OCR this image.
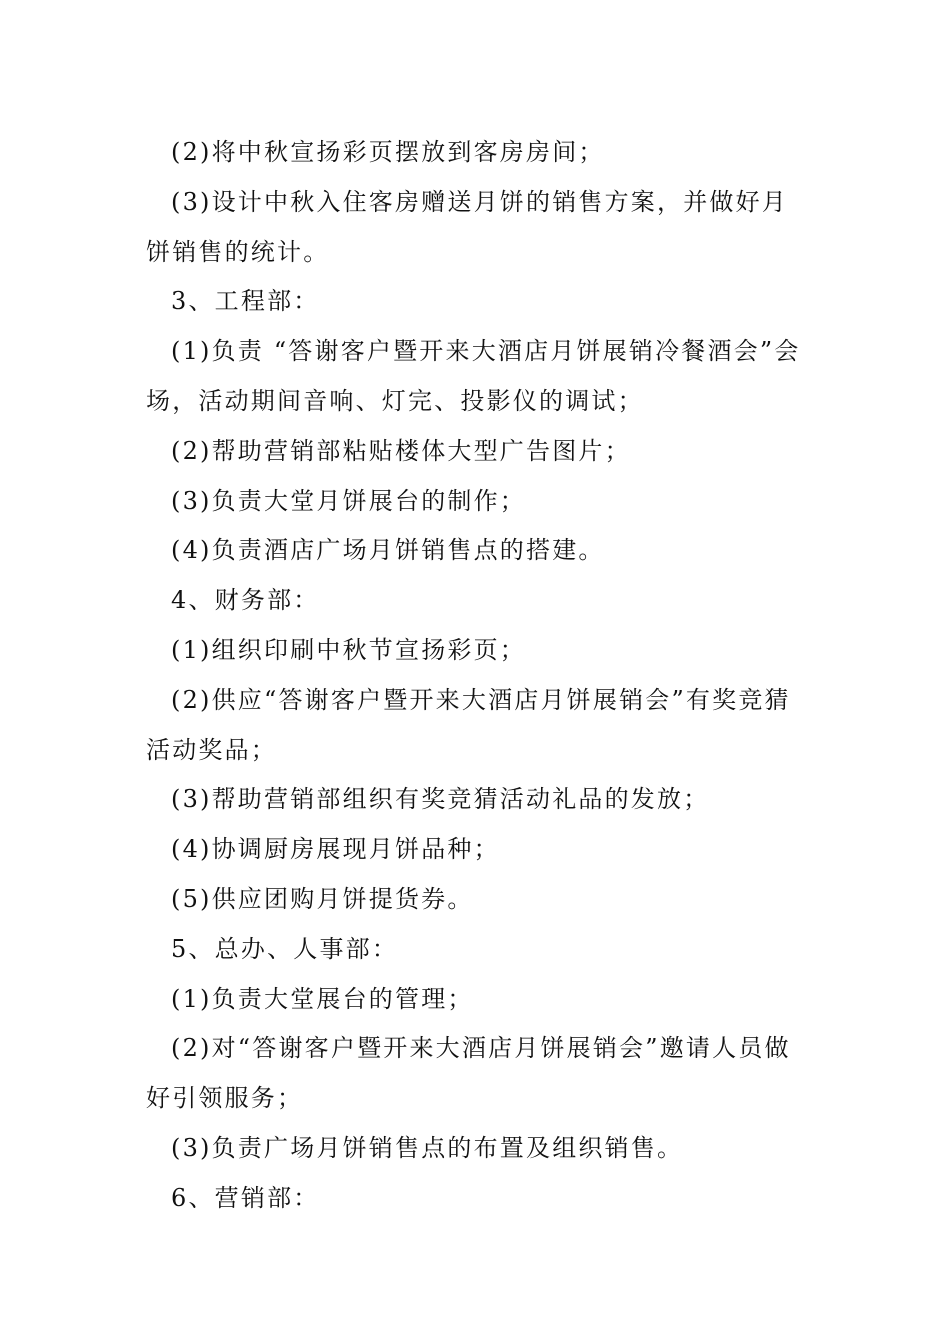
(2)将中秋宣扬彩页摆放到客房房间；

(3)设计中秋入住客房赠送月饼的销售方案，并做好月饼销售的统计。

3、工程部：

(1)负责 “答谢客户暨开来大酒店月饼展销冷餐酒会”会场，活动期间音响、灯完、投影仪的调试；

(2)帮助营销部粘贴楼体大型广告图片；

(3)负责大堂月饼展台的制作；

(4)负责酒店广场月饼销售点的搭建。

4、财务部：

(1)组织印刷中秋节宣扬彩页；

(2)供应“答谢客户暨开来大酒店月饼展销会”有奖竞猜活动奖品；

(3)帮助营销部组织有奖竞猜活动礼品的发放；

(4)协调厨房展现月饼品种；

(5)供应团购月饼提货券。

5、总办、人事部：

(1)负责大堂展台的管理；

(2)对“答谢客户暨开来大酒店月饼展销会”邀请人员做好引领服务；

(3)负责广场月饼销售点的布置及组织销售。

6、营销部：
